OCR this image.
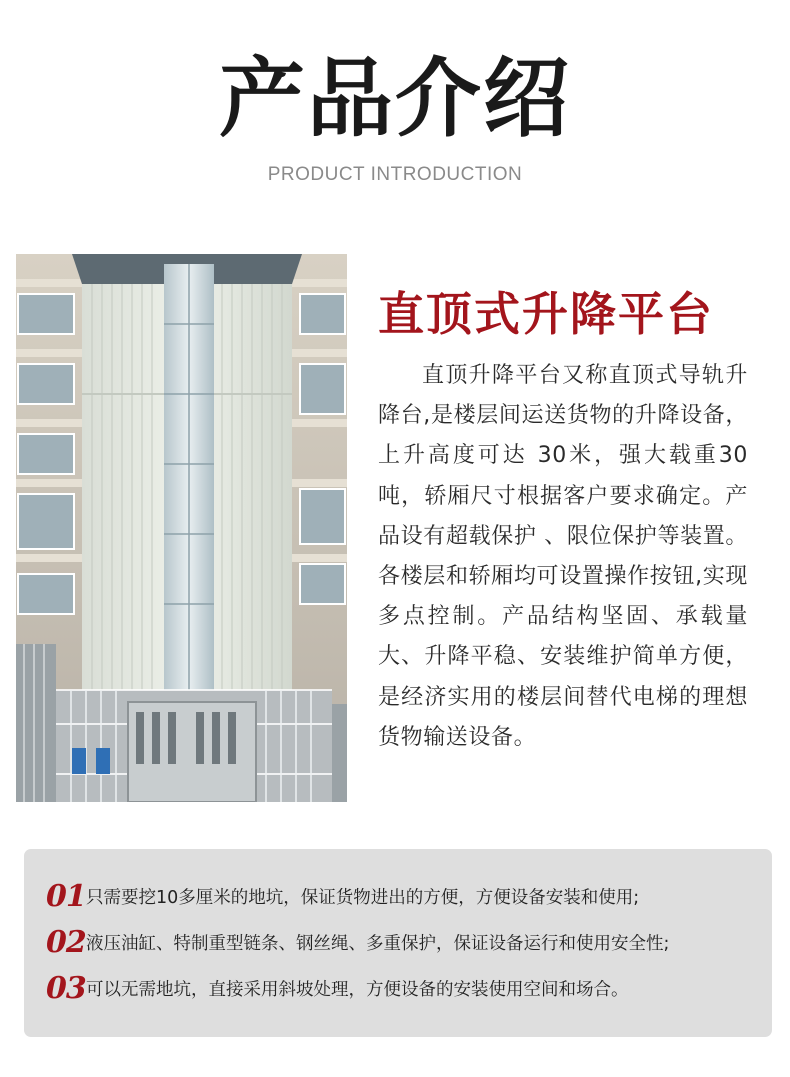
产品介绍
PRODUCT INTRODUCTION
直顶式升降平台
直顶升降平台又称直顶式导轨升降台,是楼层间运送货物的升降设备，上升高度可达 30米，强大载重30吨，轿厢尺寸根据客户要求确定。产品设有超载保护 、限位保护等装置。各楼层和轿厢均可设置操作按钮,实现多点控制。产品结构坚固、承载量大、升降平稳、安装维护简单方便，是经济实用的楼层间替代电梯的理想货物输送设备。
01 只需要挖10多厘米的地坑，保证货物进出的方便，方便设备安装和使用;
02 液压油缸、特制重型链条、钢丝绳、多重保护，保证设备运行和使用安全性;
03 可以无需地坑，直接采用斜坡处理，方便设备的安装使用空间和场合。
